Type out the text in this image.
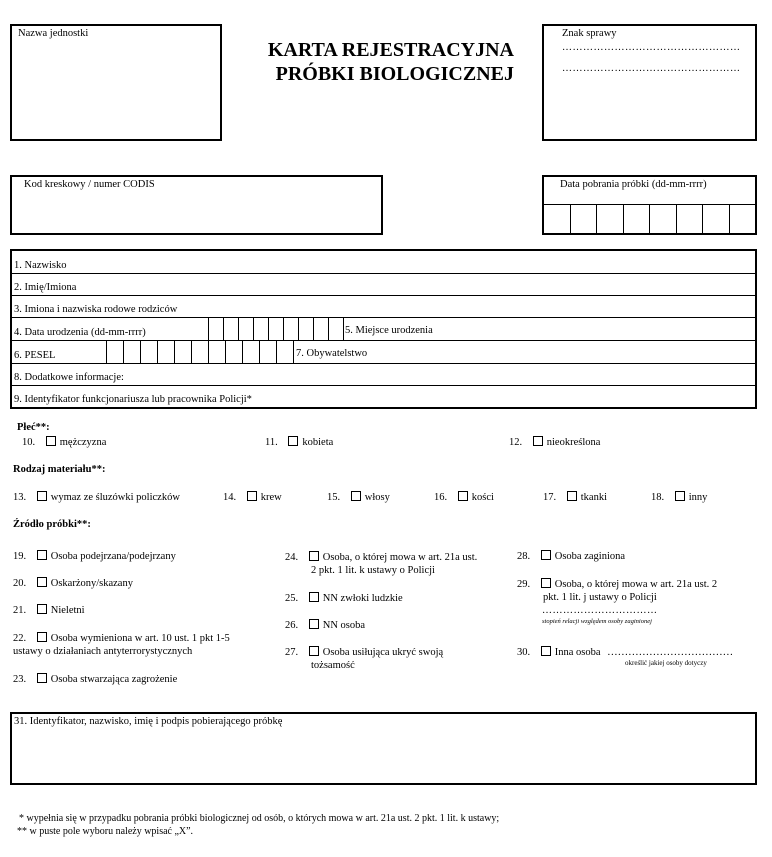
Nazwa jednostki
KARTA REJESTRACYJNA
PRÓBKI BIOLOGICZNEJ
Znak sprawy
……………………………………………
……………………………………………
Kod kreskowy / numer CODIS	Data pobrania próbki (dd-mm-rrrr)
1. Nazwisko
2. Imię/Imiona
3. Imiona i nazwiska rodowe rodziców
4. Data urodzenia (dd-mm-rrrr)	5. Miejsce urodzenia
6. PESEL	7. Obywatelstwo
8. Dodatkowe informacje:
9. Identyfikator funkcjonariusza lub pracownika Policji*
Płeć**:
10. mężczyzna	11. kobieta	12. nieokreślona
Rodzaj materiału**:
13. wymaz ze śluzówki policzków	14. krew	15. włosy	16. kości	17. tkanki	18. inny
Źródło próbki**:
19. Osoba podejrzana/podejrzany
20. Oskarżony/skazany
21. Nieletni
22. Osoba wymieniona w art. 10 ust. 1 pkt 1-5
ustawy o działaniach antyterrorystycznych
23. Osoba stwarzająca zagrożenie
24. Osoba, o której mowa w art. 21a ust.
2 pkt. 1 lit. k ustawy o Policji
25. NN zwłoki ludzkie
26. NN osoba
27. Osoba usiłująca ukryć swoją
tożsamość
28. Osoba zaginiona
29. Osoba, o której mowa w art. 21a ust. 2
pkt. 1 lit. j ustawy o Policji
……………………………
stopień relacji względem osoby zaginionej
30. Inna osoba ………………………………
określić jakiej osoby dotyczy
31. Identyfikator, nazwisko, imię i podpis pobierającego próbkę
* wypełnia się w przypadku pobrania próbki biologicznej od osób, o których mowa w art. 21a ust. 2 pkt. 1 lit. k ustawy;
** w puste pole wyboru należy wpisać „X”.
